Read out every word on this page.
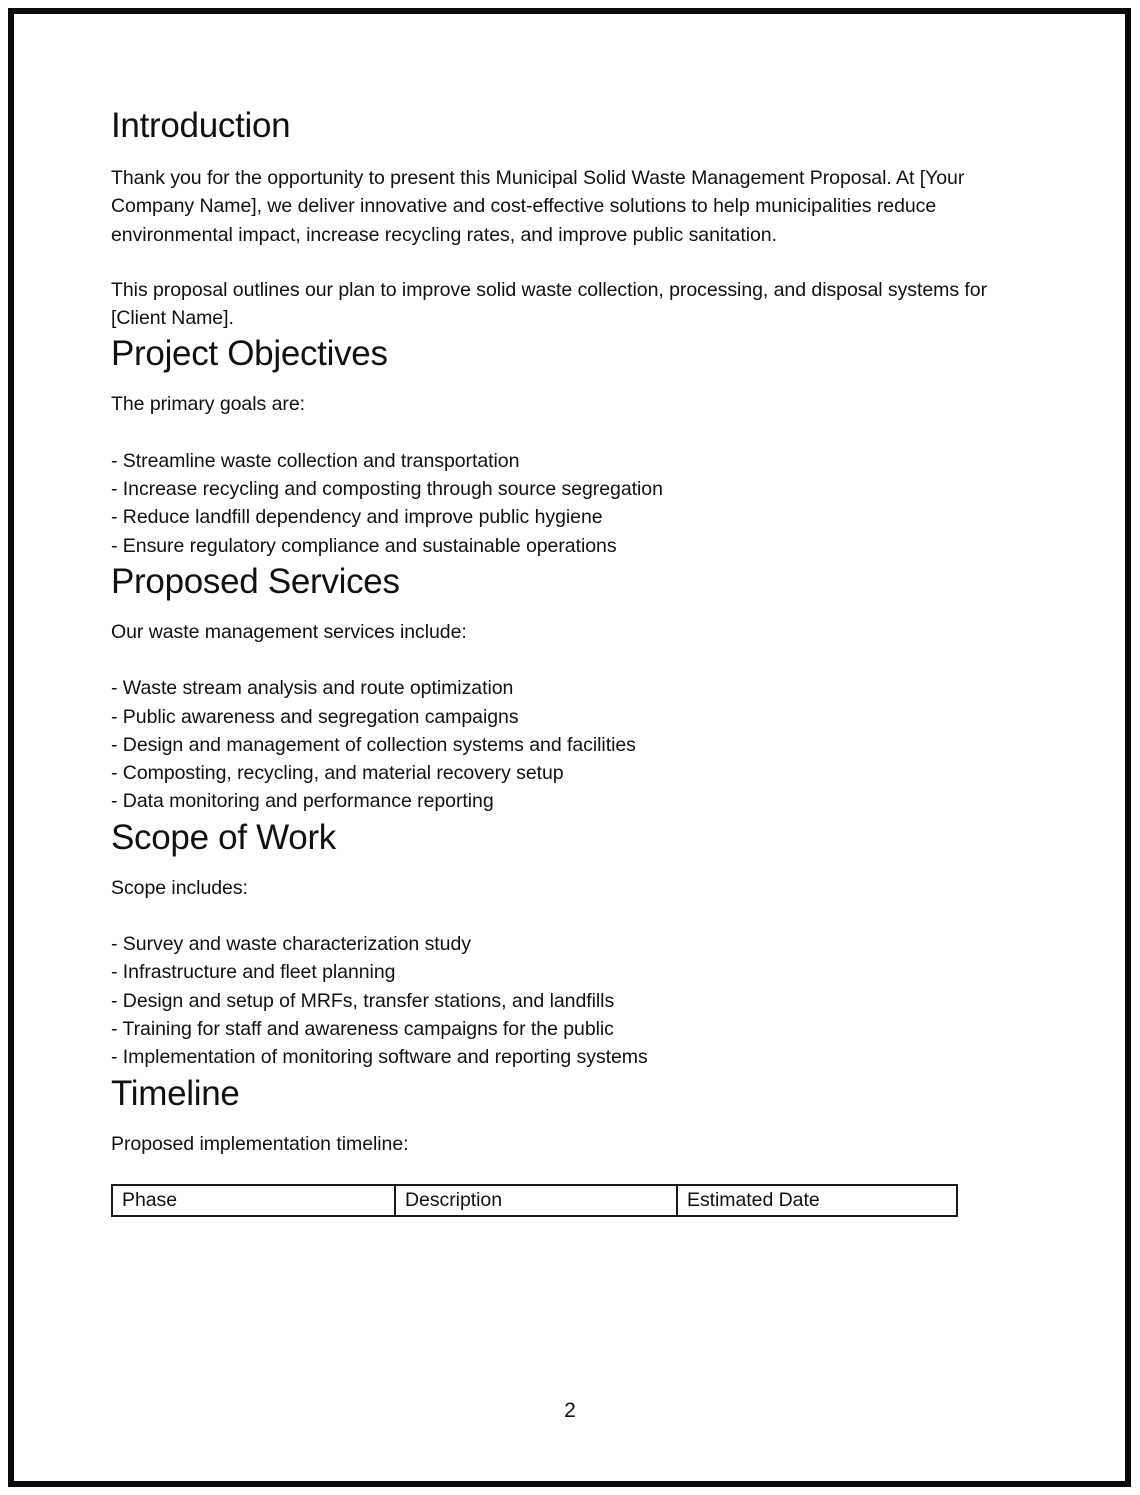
Introduction

Thank you for the opportunity to present this Municipal Solid Waste Management Proposal. At [Your Company Name], we deliver innovative and cost-effective solutions to help municipalities reduce environmental impact, increase recycling rates, and improve public sanitation.

This proposal outlines our plan to improve solid waste collection, processing, and disposal systems for [Client Name].

Project Objectives

The primary goals are:

- Streamline waste collection and transportation
- Increase recycling and composting through source segregation
- Reduce landfill dependency and improve public hygiene
- Ensure regulatory compliance and sustainable operations
Proposed Services

Our waste management services include:

- Waste stream analysis and route optimization
- Public awareness and segregation campaigns
- Design and management of collection systems and facilities
- Composting, recycling, and material recovery setup
- Data monitoring and performance reporting
Scope of Work

Scope includes:

- Survey and waste characterization study
- Infrastructure and fleet planning
- Design and setup of MRFs, transfer stations, and landfills
- Training for staff and awareness campaigns for the public
- Implementation of monitoring software and reporting systems
Timeline

Proposed implementation timeline:

Phase	Description	Estimated Date
2
